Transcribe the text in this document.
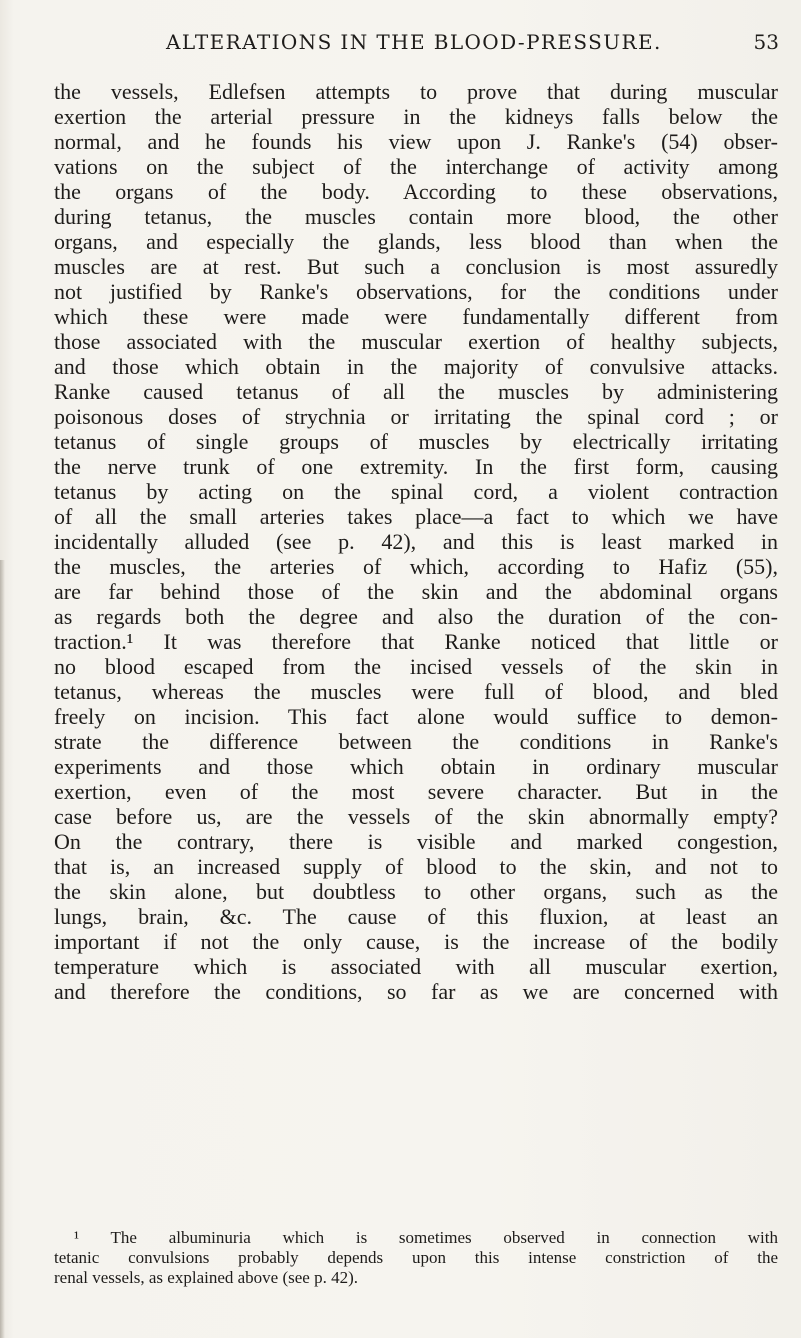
ALTERATIONS IN THE BLOOD-PRESSURE.	53
the vessels, Edlefsen attempts to prove that during muscular
exertion the arterial pressure in the kidneys falls below the
normal, and he founds his view upon J. Ranke's (54) obser-
vations on the subject of the interchange of activity among
the organs of the body. According to these observations,
during tetanus, the muscles contain more blood, the other
organs, and especially the glands, less blood than when the
muscles are at rest. But such a conclusion is most assuredly
not justified by Ranke's observations, for the conditions under
which these were made were fundamentally different from
those associated with the muscular exertion of healthy subjects,
and those which obtain in the majority of convulsive attacks.
Ranke caused tetanus of all the muscles by administering
poisonous doses of strychnia or irritating the spinal cord ; or
tetanus of single groups of muscles by electrically irritating
the nerve trunk of one extremity. In the first form, causing
tetanus by acting on the spinal cord, a violent contraction
of all the small arteries takes place—a fact to which we have
incidentally alluded (see p. 42), and this is least marked in
the muscles, the arteries of which, according to Hafiz (55),
are far behind those of the skin and the abdominal organs
as regards both the degree and also the duration of the con-
traction.¹ It was therefore that Ranke noticed that little or
no blood escaped from the incised vessels of the skin in
tetanus, whereas the muscles were full of blood, and bled
freely on incision. This fact alone would suffice to demon-
strate the difference between the conditions in Ranke's
experiments and those which obtain in ordinary muscular
exertion, even of the most severe character. But in the
case before us, are the vessels of the skin abnormally empty?
On the contrary, there is visible and marked congestion,
that is, an increased supply of blood to the skin, and not to
the skin alone, but doubtless to other organs, such as the
lungs, brain, &c. The cause of this fluxion, at least an
important if not the only cause, is the increase of the bodily
temperature which is associated with all muscular exertion,
and therefore the conditions, so far as we are concerned with
¹ The albuminuria which is sometimes observed in connection with
tetanic convulsions probably depends upon this intense constriction of the
renal vessels, as explained above (see p. 42).
